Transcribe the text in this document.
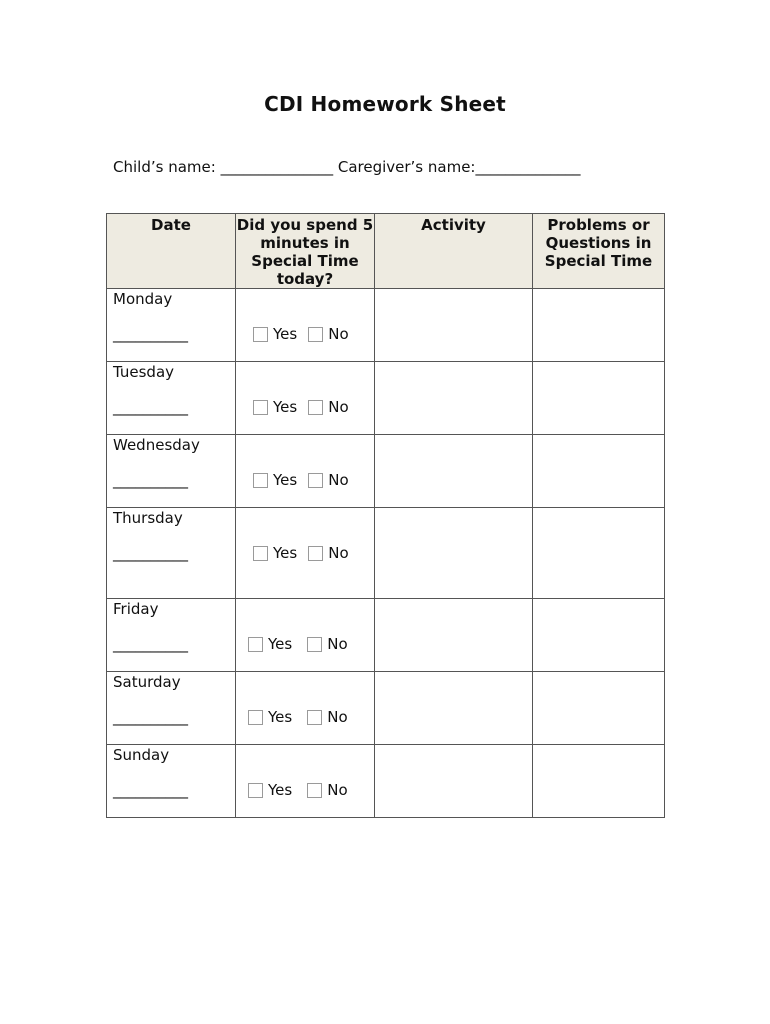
CDI Homework Sheet
Child’s name: _______________ Caregiver’s name:______________
Date	Did you spend 5 minutes in Special Time today?	Activity	Problems or Questions in Special Time

Monday
__________	Yes No		

Tuesday
__________	Yes No		

Wednesday
__________	Yes No		

Thursday
__________	Yes No		

Friday
__________	Yes No		

Saturday
__________	Yes No		

Sunday
__________	Yes No		
